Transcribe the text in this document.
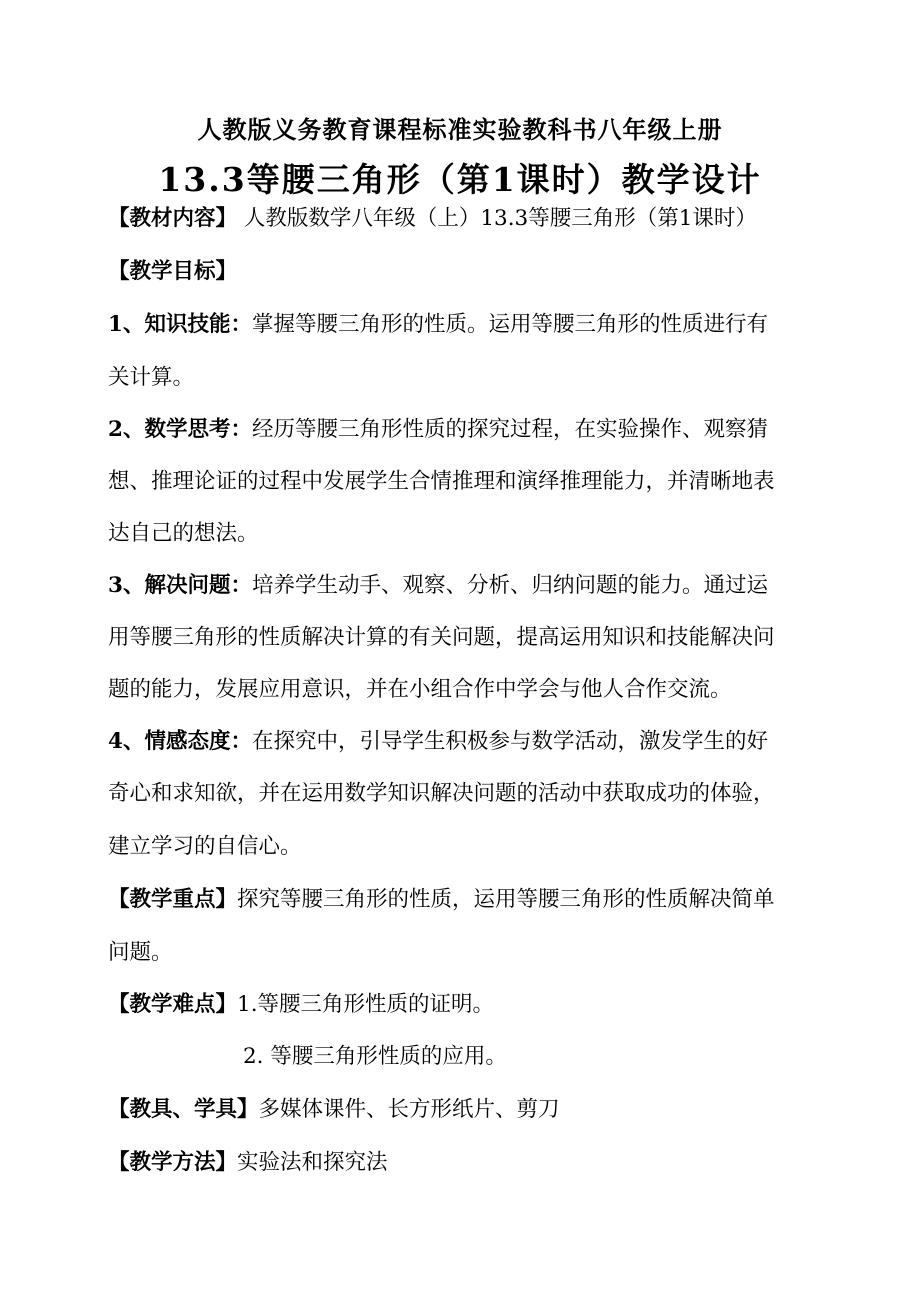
人教版义务教育课程标准实验教科书八年级上册
13.3等腰三角形（第1课时）教学设计
【教材内容】 人教版数学八年级（上）13.3等腰三角形（第1课时）
【教学目标】
1、知识技能：掌握等腰三角形的性质。运用等腰三角形的性质进行有
关计算。
2、数学思考：经历等腰三角形性质的探究过程，在实验操作、观察猜
想、推理论证的过程中发展学生合情推理和演绎推理能力，并清晰地表
达自己的想法。
3、解决问题：培养学生动手、观察、分析、归纳问题的能力。通过运
用等腰三角形的性质解决计算的有关问题，提高运用知识和技能解决问
题的能力，发展应用意识，并在小组合作中学会与他人合作交流。
4、情感态度：在探究中，引导学生积极参与数学活动，激发学生的好
奇心和求知欲，并在运用数学知识解决问题的活动中获取成功的体验，
建立学习的自信心。
【教学重点】探究等腰三角形的性质，运用等腰三角形的性质解决简单
问题。
【教学难点】1.等腰三角形性质的证明。
2. 等腰三角形性质的应用。
【教具、学具】多媒体课件、长方形纸片、剪刀
【教学方法】实验法和探究法
